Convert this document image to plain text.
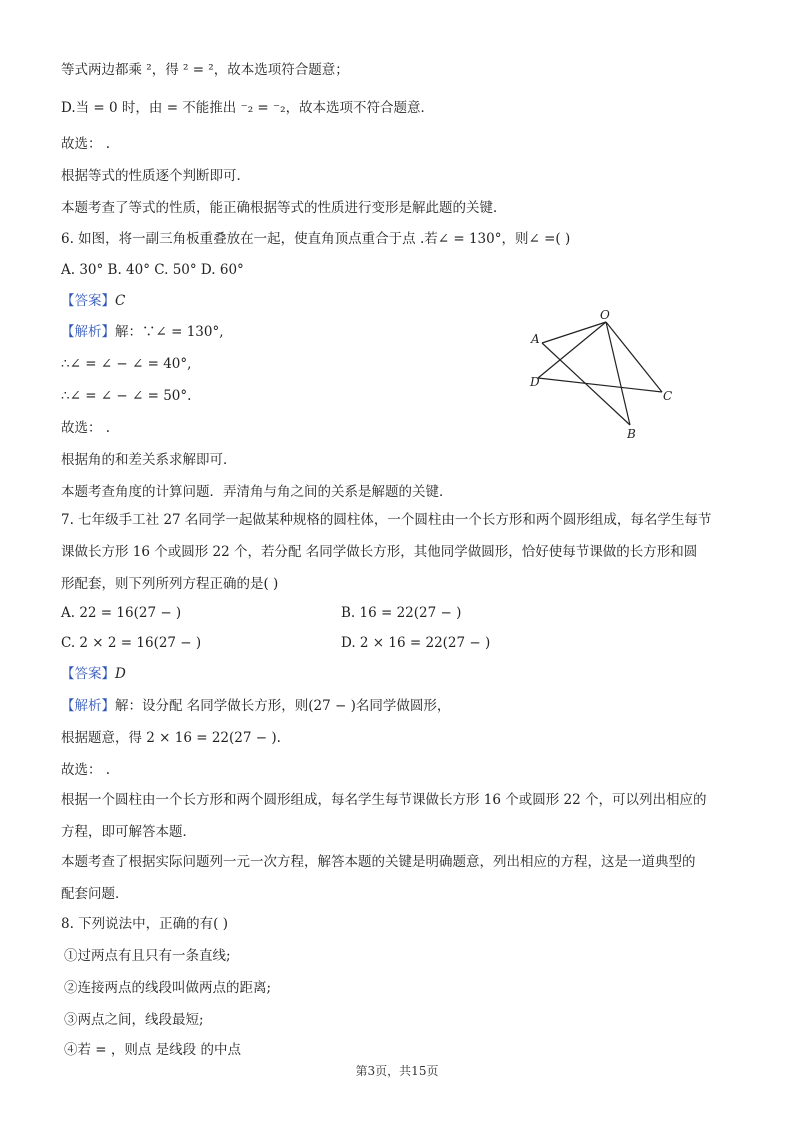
等式两边都乘 ²，得 ² = ²，故本选项符合题意；
D.当 = 0 时，由 = 不能推出 ⁻₂ = ⁻₂，故本选项不符合题意．
故选： .
根据等式的性质逐个判断即可．
本题考查了等式的性质，能正确根据等式的性质进行变形是解此题的关键．
6. 如图，将一副三角板重叠放在一起，使直角顶点重合于点 .若∠ = 130°，则∠ =( )
A. 30° B. 40° C. 50° D. 60°
【答案】C
【解析】解：∵∠ = 130°,
∴∠ = ∠ − ∠ = 40°,
∴∠ = ∠ − ∠ = 50°.
故选： .
根据角的和差关系求解即可．
本题考查角度的计算问题．弄清角与角之间的关系是解题的关键．
O
A
D
C
B
7. 七年级手工社 27 名同学一起做某种规格的圆柱体，一个圆柱由一个长方形和两个圆形组成，每名学生每节
课做长方形 16 个或圆形 22 个，若分配 名同学做长方形，其他同学做圆形，恰好使每节课做的长方形和圆
形配套，则下列所列方程正确的是( )
A. 22 = 16(27 − )	B. 16 = 22(27 − )
C. 2 × 2 = 16(27 − )	D. 2 × 16 = 22(27 − )
【答案】D
【解析】解：设分配 名同学做长方形，则(27 − )名同学做圆形，
根据题意，得 2 × 16 = 22(27 − ).
故选： .
根据一个圆柱由一个长方形和两个圆形组成，每名学生每节课做长方形 16 个或圆形 22 个，可以列出相应的
方程，即可解答本题．
本题考查了根据实际问题列一元一次方程，解答本题的关键是明确题意，列出相应的方程，这是一道典型的
配套问题．
8. 下列说法中，正确的有( )
①过两点有且只有一条直线;
②连接两点的线段叫做两点的距离;
③两点之间，线段最短;
④若 = ，则点 是线段 的中点
第3页，共15页
